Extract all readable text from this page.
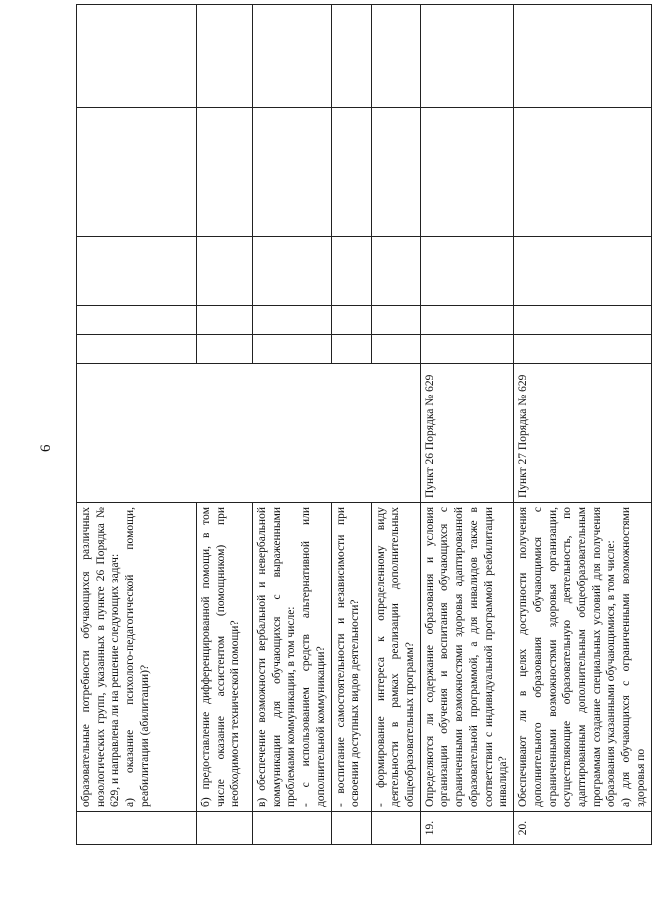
6
	образовательные потребности обучающихся различных нозологических групп, указанных в пункте 26 Порядка № 629, и направлена ли на решение следующих задач:
а) оказание психолого-педагогической помощи, реабилитации (абилитации)?						
	б) предоставление дифференцированной помощи, в том числе оказание ассистентом (помощником) при необходимости технической помощи?						
	в) обеспечение возможности вербальной и невербальной коммуникации для обучающихся с выраженными проблемами коммуникации, в том числе:
- с использованием средств альтернативной или дополнительной коммуникации?						
	- воспитание самостоятельности и независимости при освоении доступных видов деятельности?						
	- формирование интереса к определенному виду деятельности в рамках реализации дополнительных общеобразовательных программ?						
19.	Определяются ли содержание образования и условия организации обучения и воспитания обучающихся с ограниченными возможностями здоровья адаптированной образовательной программой, а для инвалидов также в соответствии с индивидуальной программой реабилитации инвалида?	Пункт 26 Порядка № 629					
20.	Обеспечивают ли в целях доступности получения дополнительного образования обучающимися с ограниченными возможностями здоровья организации, осуществляющие образовательную деятельность, по адаптированным дополнительным общеобразовательным программам создание специальных условий для получения образования указанными обучающимися, в том числе:
а) для обучающихся с ограниченными возможностями здоровья по	Пункт 27 Порядка № 629					
